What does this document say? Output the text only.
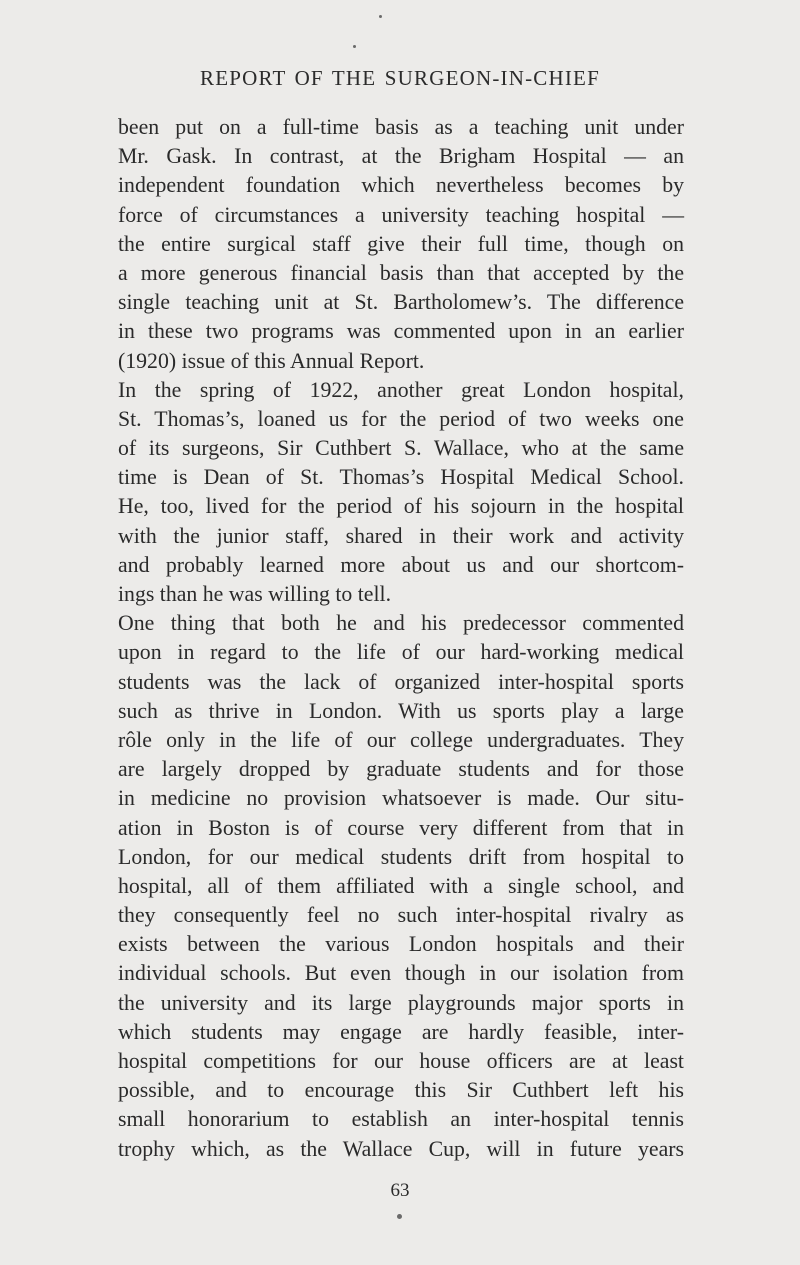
REPORT OF THE SURGEON-IN-CHIEF
been put on a full-time basis as a teaching unit under
Mr. Gask. In contrast, at the Brigham Hospital — an
independent foundation which nevertheless becomes by
force of circumstances a university teaching hospital —
the entire surgical staff give their full time, though on
a more generous financial basis than that accepted by the
single teaching unit at St. Bartholomew’s. The difference
in these two programs was commented upon in an earlier
(1920) issue of this Annual Report.
In the spring of 1922, another great London hospital,
St. Thomas’s, loaned us for the period of two weeks one
of its surgeons, Sir Cuthbert S. Wallace, who at the same
time is Dean of St. Thomas’s Hospital Medical School.
He, too, lived for the period of his sojourn in the hospital
with the junior staff, shared in their work and activity
and probably learned more about us and our shortcom-
ings than he was willing to tell.
One thing that both he and his predecessor commented
upon in regard to the life of our hard-working medical
students was the lack of organized inter-hospital sports
such as thrive in London. With us sports play a large
rôle only in the life of our college undergraduates. They
are largely dropped by graduate students and for those
in medicine no provision whatsoever is made. Our situ-
ation in Boston is of course very different from that in
London, for our medical students drift from hospital to
hospital, all of them affiliated with a single school, and
they consequently feel no such inter-hospital rivalry as
exists between the various London hospitals and their
individual schools. But even though in our isolation from
the university and its large playgrounds major sports in
which students may engage are hardly feasible, inter-
hospital competitions for our house officers are at least
possible, and to encourage this Sir Cuthbert left his
small honorarium to establish an inter-hospital tennis
trophy which, as the Wallace Cup, will in future years
63
